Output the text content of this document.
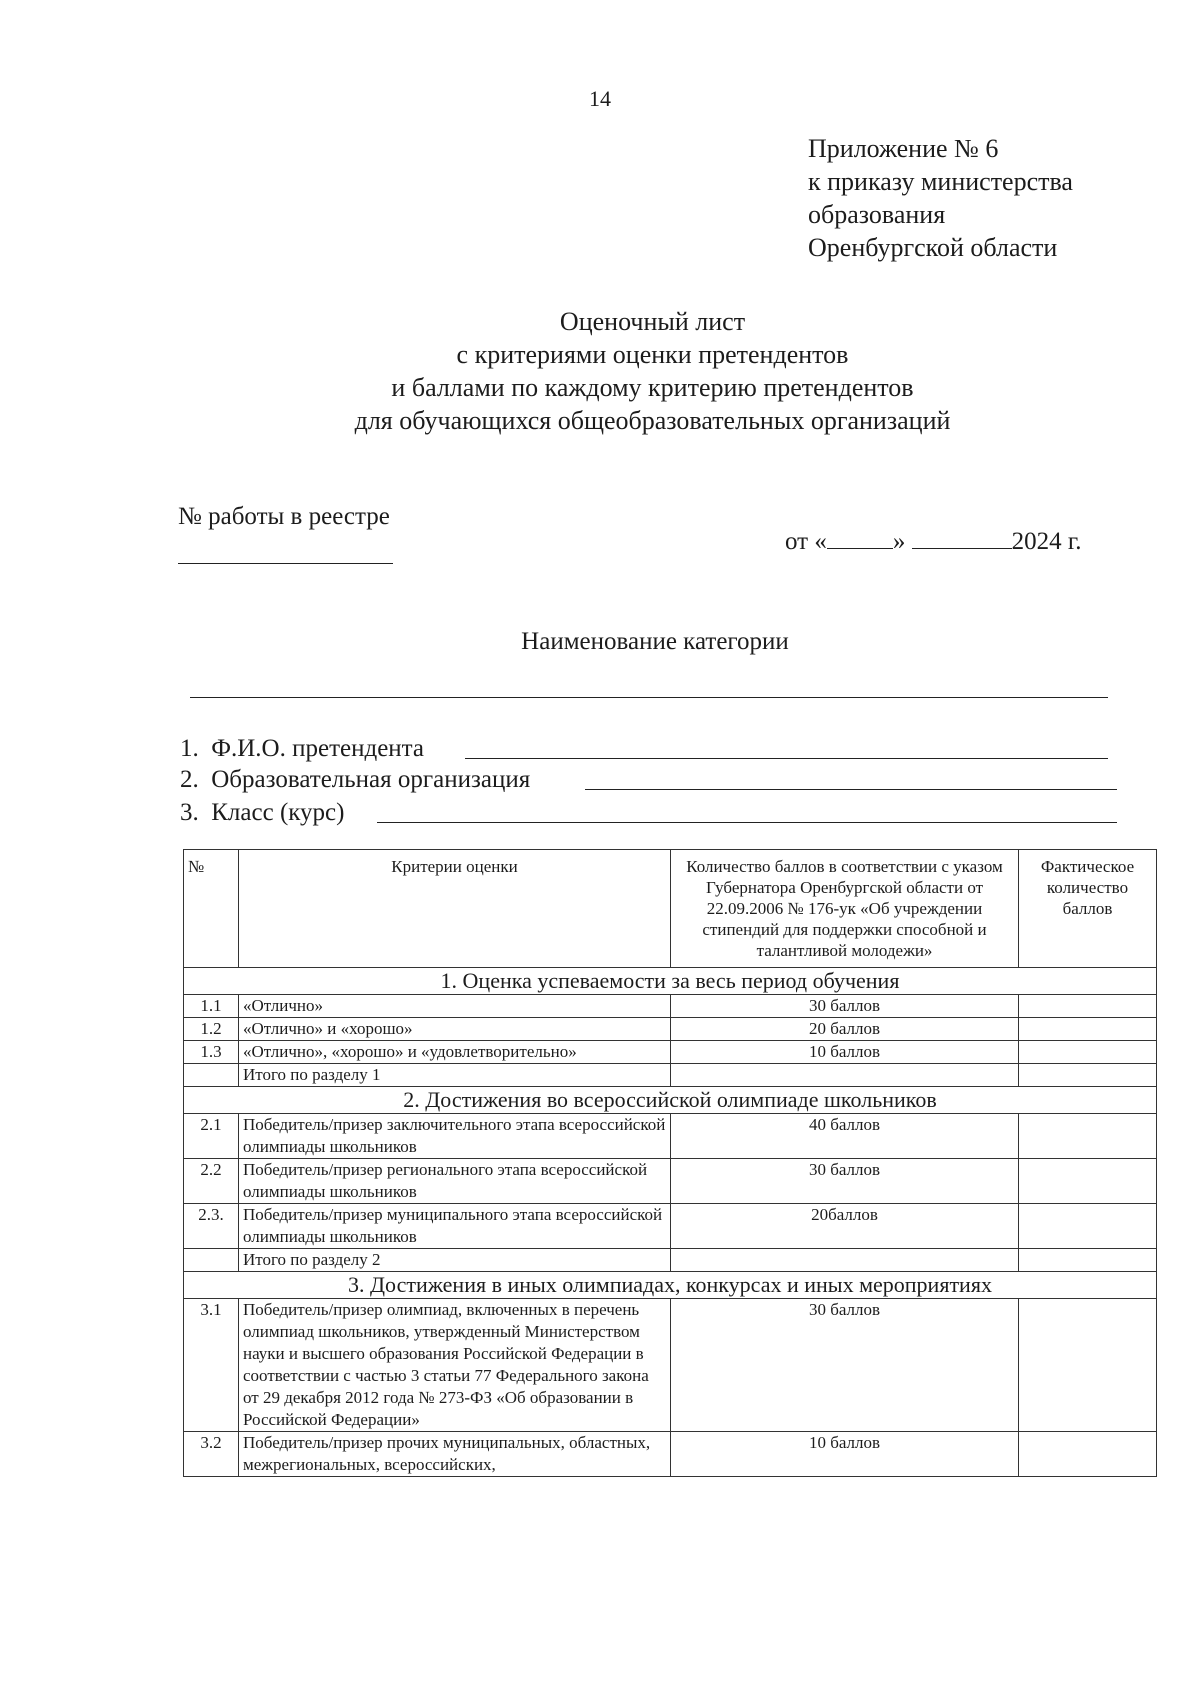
14
Приложение № 6
к приказу министерства
образования
Оренбургской области
Оценочный лист
с критериями оценки претендентов
и баллами по каждому критерию претендентов
для обучающихся общеобразовательных организаций
№ работы в реестре
от «	»	2024 г.
Наименование категории
1. Ф.И.О. претендента
2. Образовательная организация
3. Класс (курс)
№	Критерии оценки	Количество баллов в соответствии с указом Губернатора Оренбургской области от 22.09.2006 № 176-ук «Об учреждении стипендий для поддержки способной и талантливой молодежи»	Фактическое количество баллов
1. Оценка успеваемости за весь период обучения			
1.1	«Отлично»	30 баллов	
1.2	«Отлично» и «хорошо»	20 баллов	
1.3	«Отлично», «хорошо» и «удовлетворительно»	10 баллов	
	Итого по разделу 1		
2. Достижения во всероссийской олимпиаде школьников			
2.1	Победитель/призер заключительного этапа всероссийской олимпиады школьников	40 баллов	
2.2	Победитель/призер регионального этапа всероссийской олимпиады школьников	30 баллов	
2.3.	Победитель/призер муниципального этапа всероссийской олимпиады школьников	20баллов	
	Итого по разделу 2		
3. Достижения в иных олимпиадах, конкурсах и иных мероприятиях			
3.1	Победитель/призер олимпиад, включенных в перечень олимпиад школьников, утвержденный Министерством науки и высшего образования Российской Федерации в соответствии с частью 3 статьи 77 Федерального закона от 29 декабря 2012 года № 273-ФЗ «Об образовании в Российской Федерации»	30 баллов	
3.2	Победитель/призер прочих муниципальных, областных, межрегиональных, всероссийских,	10 баллов	
